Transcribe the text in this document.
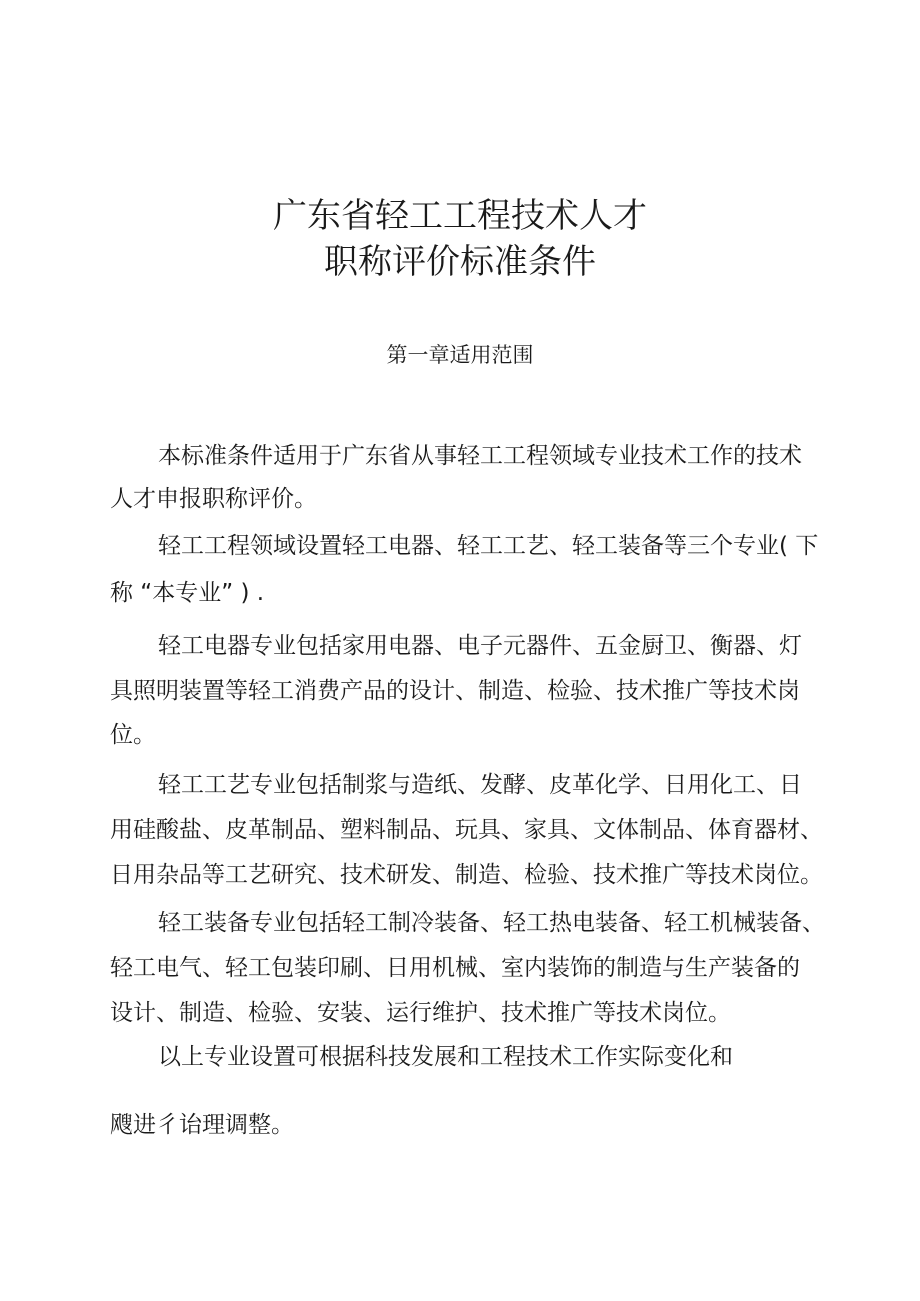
广东省轻工工程技术人才
职称评价标准条件
第一章适用范围

本标准条件适用于广东省从事轻工工程领域专业技术工作的技术

人才申报职称评价。

轻工工程领域设置轻工电器、轻工工艺、轻工装备等三个专业( 下

称 “本专业” ) .

轻工电器专业包括家用电器、电子元器件、五金厨卫、衡器、灯

具照明装置等轻工消费产品的设计、制造、检验、技术推广等技术岗

位。

轻工工艺专业包括制浆与造纸、发酵、皮革化学、日用化工、日

用硅酸盐、皮革制品、塑料制品、玩具、家具、文体制品、体育器材、

日用杂品等工艺研究、技术研发、制造、检验、技术推广等技术岗位。

轻工装备专业包括轻工制冷装备、轻工热电装备、轻工机械装备、

轻工电气、轻工包装印刷、日用机械、室内装饰的制造与生产装备的

设计、制造、检验、安装、运行维护、技术推广等技术岗位。

以上专业设置可根据科技发展和工程技术工作实际变化和

飕进彳诒理调整。
